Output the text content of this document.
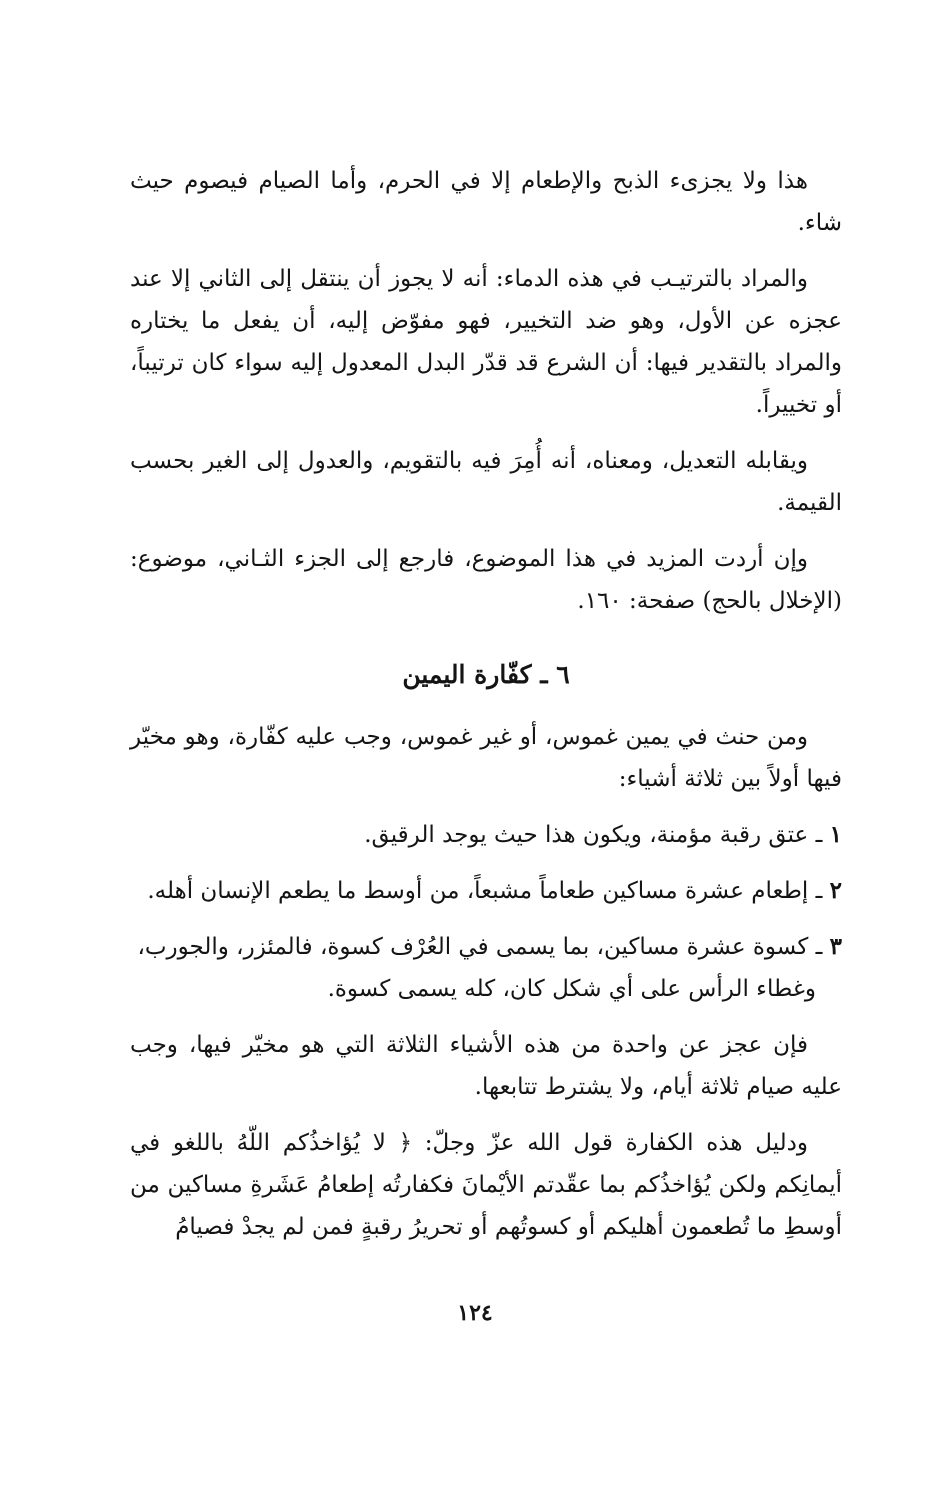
هذا ولا يجزىء الذبح والإطعام إلا في الحرم، وأما الصيام فيصوم حيث شاء.

والمراد بالترتيـب في هذه الدماء: أنه لا يجوز أن ينتقل إلى الثاني إلا عند عجزه عن الأول، وهو ضد التخيير، فهو مفوّض إليه، أن يفعل ما يختاره والمراد بالتقدير فيها: أن الشرع قد قدّر البدل المعدول إليه سواء كان ترتيباً، أو تخييراً.

ويقابله التعديل، ومعناه، أنه أُمِرَ فيه بالتقويم، والعدول إلى الغير بحسب القيمة.

وإن أردت المزيد في هذا الموضوع، فارجع إلى الجزء الثـاني، موضوع: (الإخلال بالحج) صفحة: ١٦٠.

٦ ـ كفّارة اليمين

ومن حنث في يمين غموس، أو غير غموس، وجب عليه كفّارة، وهو مخيّر فيها أولاً بين ثلاثة أشياء:

١ ـ عتق رقبة مؤمنة، ويكون هذا حيث يوجد الرقيق.

٢ ـ إطعام عشرة مساكين طعاماً مشبعاً، من أوسط ما يطعم الإنسان أهله.

٣ ـ كسوة عشرة مساكين، بما يسمى في العُرْف كسوة، فالمئزر، والجورب،
وغطاء الرأس على أي شكل كان، كله يسمى كسوة.

فإن عجز عن واحدة من هذه الأشياء الثلاثة التي هو مخيّر فيها، وجب عليه صيام ثلاثة أيام، ولا يشترط تتابعها.

ودليل هذه الكفارة قول الله عزّ وجلّ: ﴿ لا يُؤاخذُكم اللّهُ باللغو في أيمانِكم ولكن يُؤاخذُكم بما عقّدتم الأيْمانَ فكفارتُه إطعامُ عَشَرةِ مساكين من أوسطِ ما تُطعمون أهليكم أو كسوتُهم أو تحريرُ رقبةٍ فمن لم يجدْ فصيامُ

١٢٤
